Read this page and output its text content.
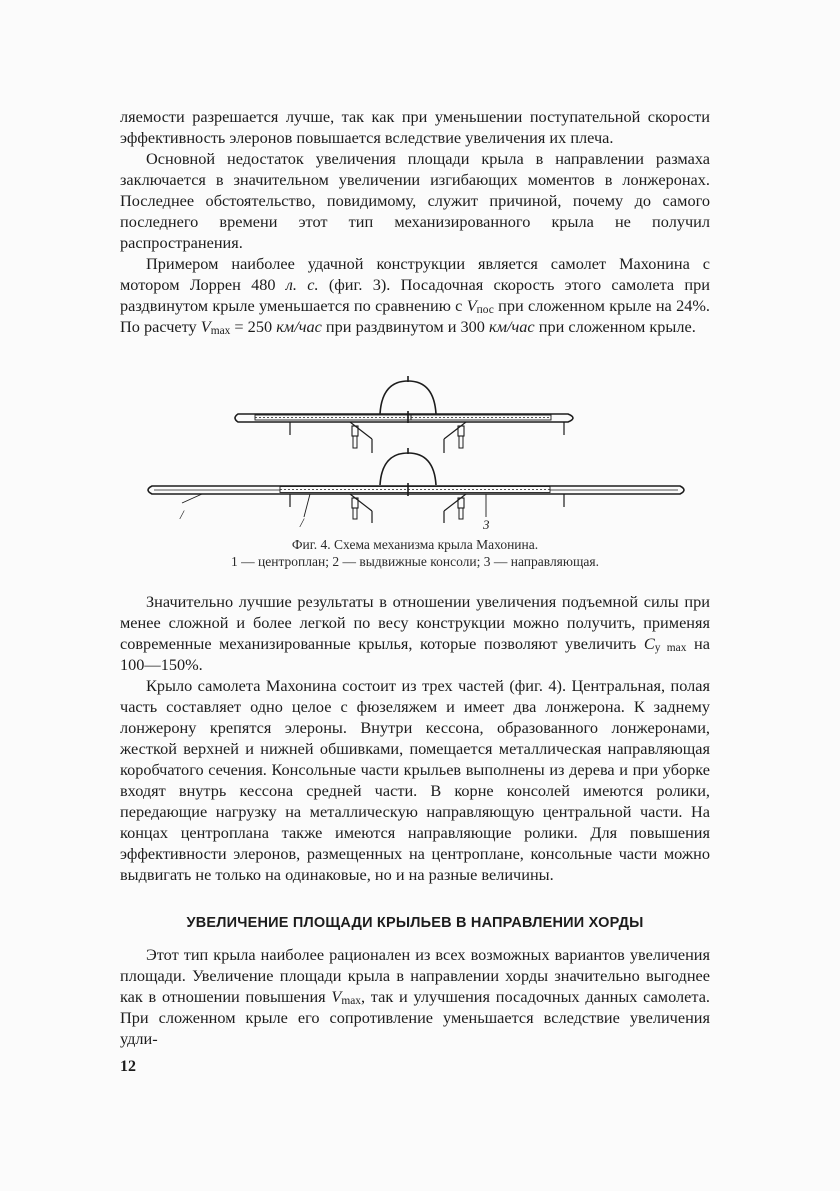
ляемости разрешается лучше, так как при уменьшении поступательной скорости эффективность элеронов повышается вследствие увеличения их плеча.

Основной недостаток увеличения площади крыла в направлении размаха заключается в значительном увеличении изгибающих моментов в лонжеронах. Последнее обстоятельство, повидимому, служит причиной, почему до самого последнего времени этот тип механизированного крыла не получил распространения.

Примером наиболее удачной конструкции является самолет Махонина с мотором Лоррен 480 л. с. (фиг. 3). Посадочная скорость этого самолета при раздвинутом крыле уменьшается по сравнению с $V_{пос}$ при сложенном крыле на 24%. По расчету $V_{max} = 250$ км/час при раздвинутом и 300 км/час при сложенном крыле.

/
/	3
Фиг. 4. Схема механизма крыла Махонина.
1 — центроплан; 2 — выдвижные консоли; 3 — направляющая.

Значительно лучшие результаты в отношении увеличения подъемной силы при менее сложной и более легкой по весу конструкции можно получить, применяя современные механизированные крылья, которые позволяют увеличить $C_{y max}$ на 100—150%.

Крыло самолета Махонина состоит из трех частей (фиг. 4). Центральная, полая часть составляет одно целое с фюзеляжем и имеет два лонжерона. К заднему лонжерону крепятся элероны. Внутри кессона, образованного лонжеронами, жесткой верхней и нижней обшивками, помещается металлическая направляющая коробчатого сечения. Консольные части крыльев выполнены из дерева и при уборке входят внутрь кессона средней части. В корне консолей имеются ролики, передающие нагрузку на металлическую направляющую центральной части. На концах центроплана также имеются направляющие ролики. Для повышения эффективности элеронов, размещенных на центроплане, консольные части можно выдвигать не только на одинаковые, но и на разные величины.

УВЕЛИЧЕНИЕ ПЛОЩАДИ КРЫЛЬЕВ В НАПРАВЛЕНИИ ХОРДЫ

Этот тип крыла наиболее рационален из всех возможных вариантов увеличения площади. Увеличение площади крыла в направлении хорды значительно выгоднее как в отношении повышения $V_{max}$, так и улучшения посадочных данных самолета. При сложенном крыле его сопротивление уменьшается вследствие увеличения удли-

12
